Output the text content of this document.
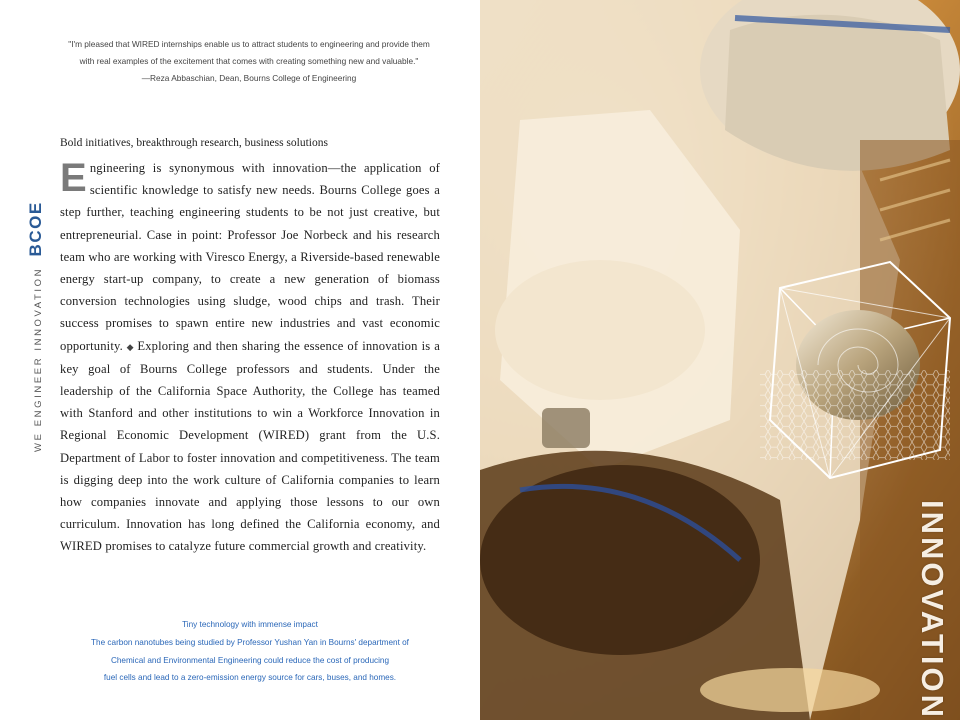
"I'm pleased that WIRED internships enable us to attract students to engineering and provide them
with real examples of the excitement that comes with creating something new and valuable."

—Reza Abbaschian, Dean, Bourns College of Engineering
WE ENGINEER INNOVATION BCOE
Bold initiatives, breakthrough research, business solutions
Engineering is synonymous with innovation—the application of scientific knowledge to satisfy new needs. Bourns College goes a step further, teaching engineering students to be not just creative, but entrepreneurial. Case in point: Professor Joe Norbeck and his research team who are working with Viresco Energy, a Riverside-based renewable energy start-up company, to create a new generation of biomass conversion technologies using sludge, wood chips and trash. Their success promises to spawn entire new industries and vast economic opportunity. ◆ Exploring and then sharing the essence of innovation is a key goal of Bourns College professors and students. Under the leadership of the California Space Authority, the College has teamed with Stanford and other institutions to win a Workforce Innovation in Regional Economic Development (WIRED) grant from the U.S. Department of Labor to foster innovation and competitiveness. The team is digging deep into the work culture of California companies to learn how companies innovate and applying those lessons to our own curriculum. Innovation has long defined the California economy, and WIRED promises to catalyze future commercial growth and creativity.
Tiny technology with immense impact
The carbon nanotubes being studied by Professor Yushan Yan in Bourns' department of
Chemical and Environmental Engineering could reduce the cost of producing
fuel cells and lead to a zero-emission energy source for cars, buses, and homes.	INNOVATION
